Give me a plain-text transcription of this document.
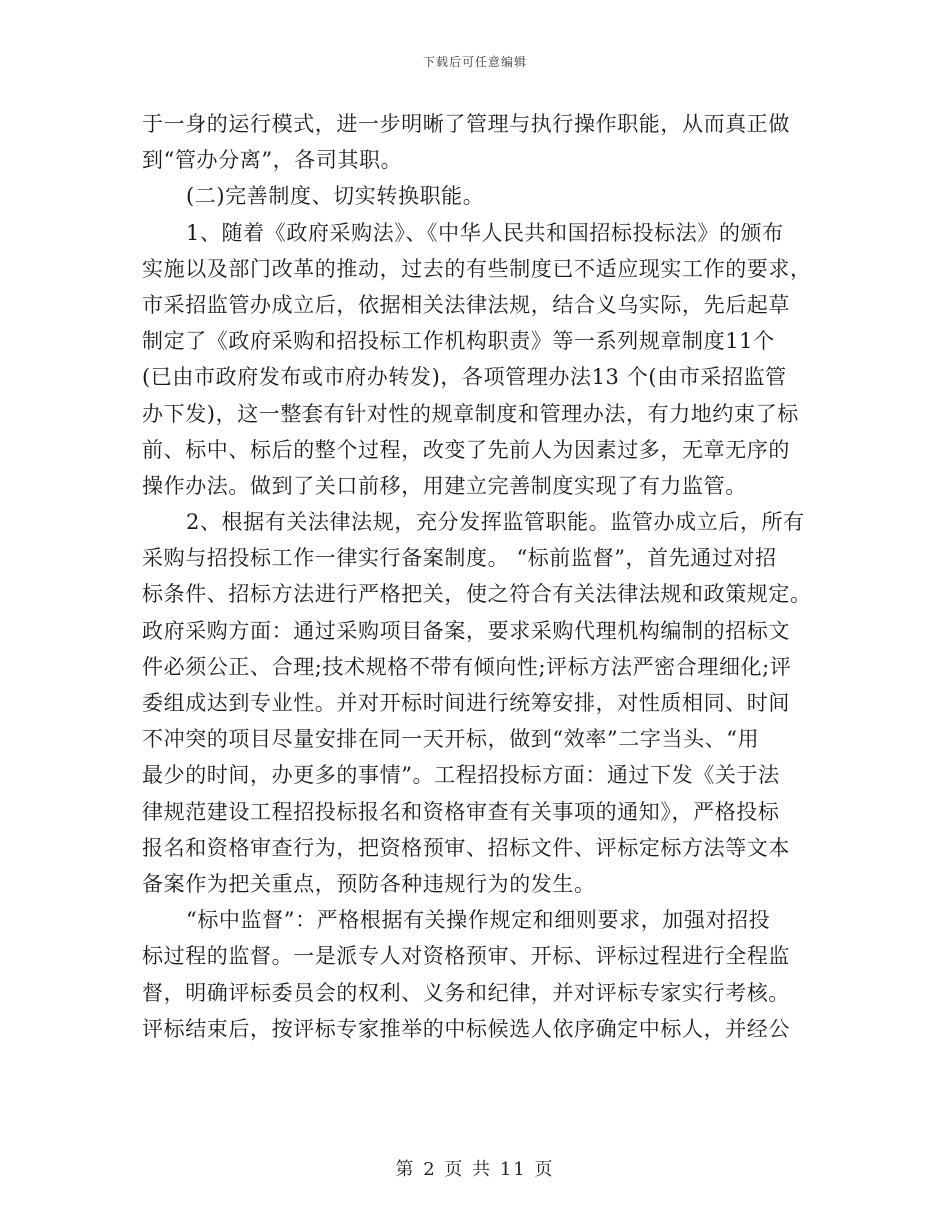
下载后可任意编辑
于一身的运行模式，进一步明晰了管理与执行操作职能，从而真正做
到“管办分离”，各司其职。
(二)完善制度、切实转换职能。
1、随着《政府采购法》、《中华人民共和国招标投标法》的颁布
实施以及部门改革的推动，过去的有些制度已不适应现实工作的要求，
市采招监管办成立后，依据相关法律法规，结合义乌实际，先后起草
制定了《政府采购和招投标工作机构职责》等一系列规章制度11个
(已由市政府发布或市府办转发)，各项管理办法13 个(由市采招监管
办下发)，这一整套有针对性的规章制度和管理办法，有力地约束了标
前、标中、标后的整个过程，改变了先前人为因素过多，无章无序的
操作办法。做到了关口前移，用建立完善制度实现了有力监管。
2、根据有关法律法规，充分发挥监管职能。监管办成立后，所有
采购与招投标工作一律实行备案制度。 “标前监督”，首先通过对招
标条件、招标方法进行严格把关，使之符合有关法律法规和政策规定。
政府采购方面：通过采购项目备案，要求采购代理机构编制的招标文
件必须公正、合理;技术规格不带有倾向性;评标方法严密合理细化;评
委组成达到专业性。并对开标时间进行统筹安排，对性质相同、时间
不冲突的项目尽量安排在同一天开标，做到“效率”二字当头、“用
最少的时间，办更多的事情”。工程招投标方面：通过下发《关于法
律规范建设工程招投标报名和资格审查有关事项的通知》，严格投标
报名和资格审查行为，把资格预审、招标文件、评标定标方法等文本
备案作为把关重点，预防各种违规行为的发生。
“标中监督”：严格根据有关操作规定和细则要求，加强对招投
标过程的监督。一是派专人对资格预审、开标、评标过程进行全程监
督，明确评标委员会的权利、义务和纪律，并对评标专家实行考核。
评标结束后，按评标专家推举的中标候选人依序确定中标人，并经公
第 2 页 共 11 页
